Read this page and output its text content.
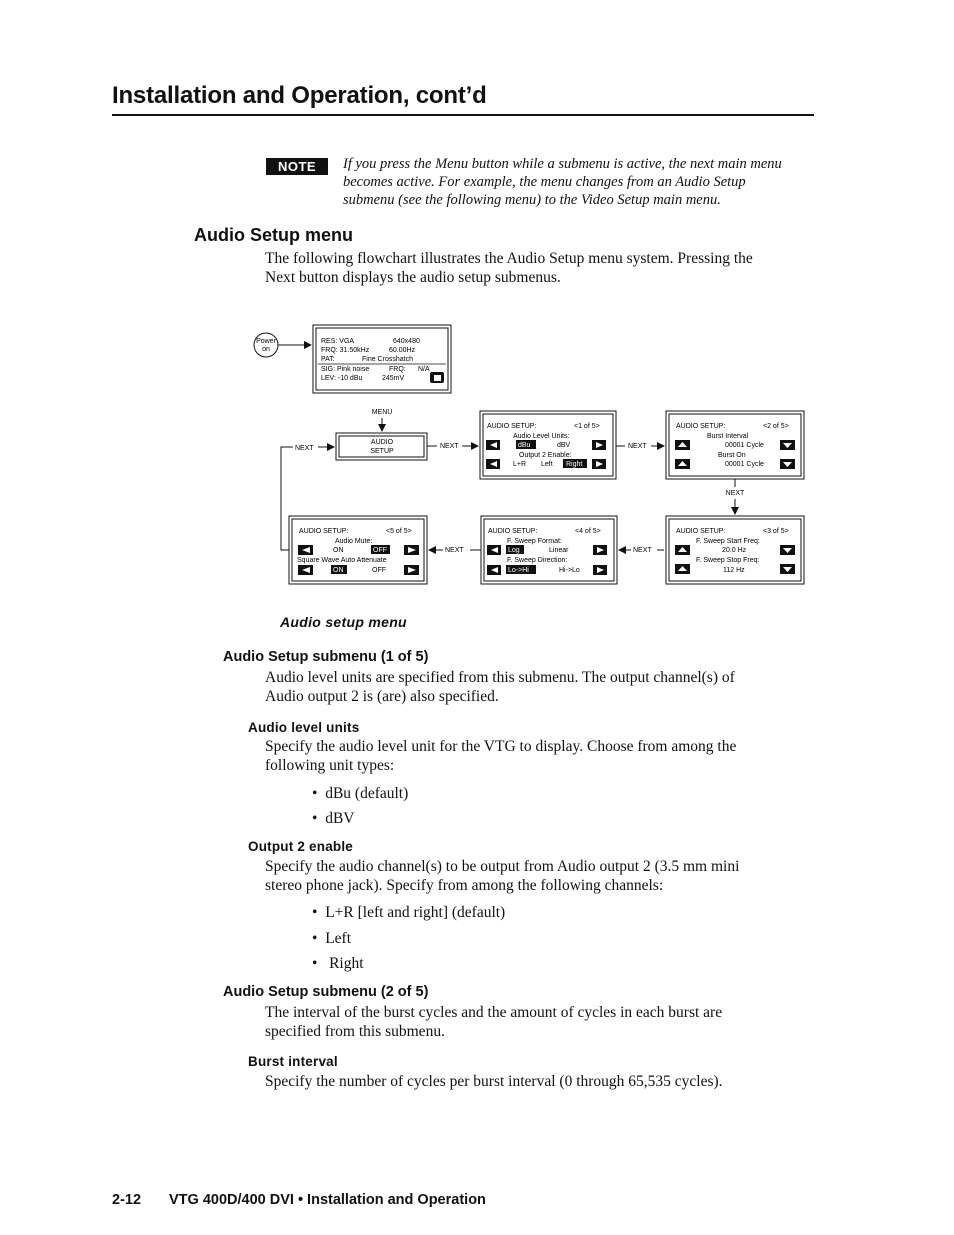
Installation and Operation, cont’d
NOTE	If you press the Menu button while a submenu is active, the next main menu
becomes active. For example, the menu changes from an Audio Setup
submenu (see the following menu) to the Video Setup main menu.
Audio Setup menu
The following flowchart illustrates the Audio Setup menu system. Pressing the
Next button displays the audio setup submenus.
Power
on
RES: VGA	640x480
FRQ: 31.50kHz	60.00Hz
PAT:	Fine Crosshatch
SIG: Pink noise	FRQ: N/A
LEV: -10 dBu	245mV
MENU
AUDIO
SETUP
NEXT
AUDIO SETUP:	<1 of 5>
Audio Level Units:
dBu	dBV
Output 2 Enable:
L+R Left Right
NEXT
AUDIO SETUP:	<2 of 5>
Burst Interval
00001 Cycle
Burst On
00001 Cycle
NEXT
AUDIO SETUP:	<3 of 5>
F. Sweep Start Freq:
20.0 Hz
F. Sweep Stop Freq:
112 Hz
NEXT
AUDIO SETUP:	<4 of 5>
F. Sweep Format:
Log	Linear
F. Sweep Direction:
Lo->Hi	Hi->Lo
NEXT
AUDIO SETUP:	<5 of 5>
Audio Mute:
ON	OFF
Square Wave Auto Attenuate
ON	OFF
NEXT
Audio setup menu
Audio Setup submenu (1 of 5)
Audio level units are specified from this submenu. The output channel(s) of
Audio output 2 is (are) also specified.
Audio level units
Specify the audio level unit for the VTG to display. Choose from among the
following unit types:
•  dBu (default)
•  dBV
Output 2 enable
Specify the audio channel(s) to be output from Audio output 2 (3.5 mm mini
stereo phone jack). Specify from among the following channels:
•  L+R [left and right] (default)
•  Left
•   Right
Audio Setup submenu (2 of 5)
The interval of the burst cycles and the amount of cycles in each burst are
specified from this submenu.
Burst interval
Specify the number of cycles per burst interval (0 through 65,535 cycles).
2-12 VTG 400D/400 DVI • Installation and Operation
